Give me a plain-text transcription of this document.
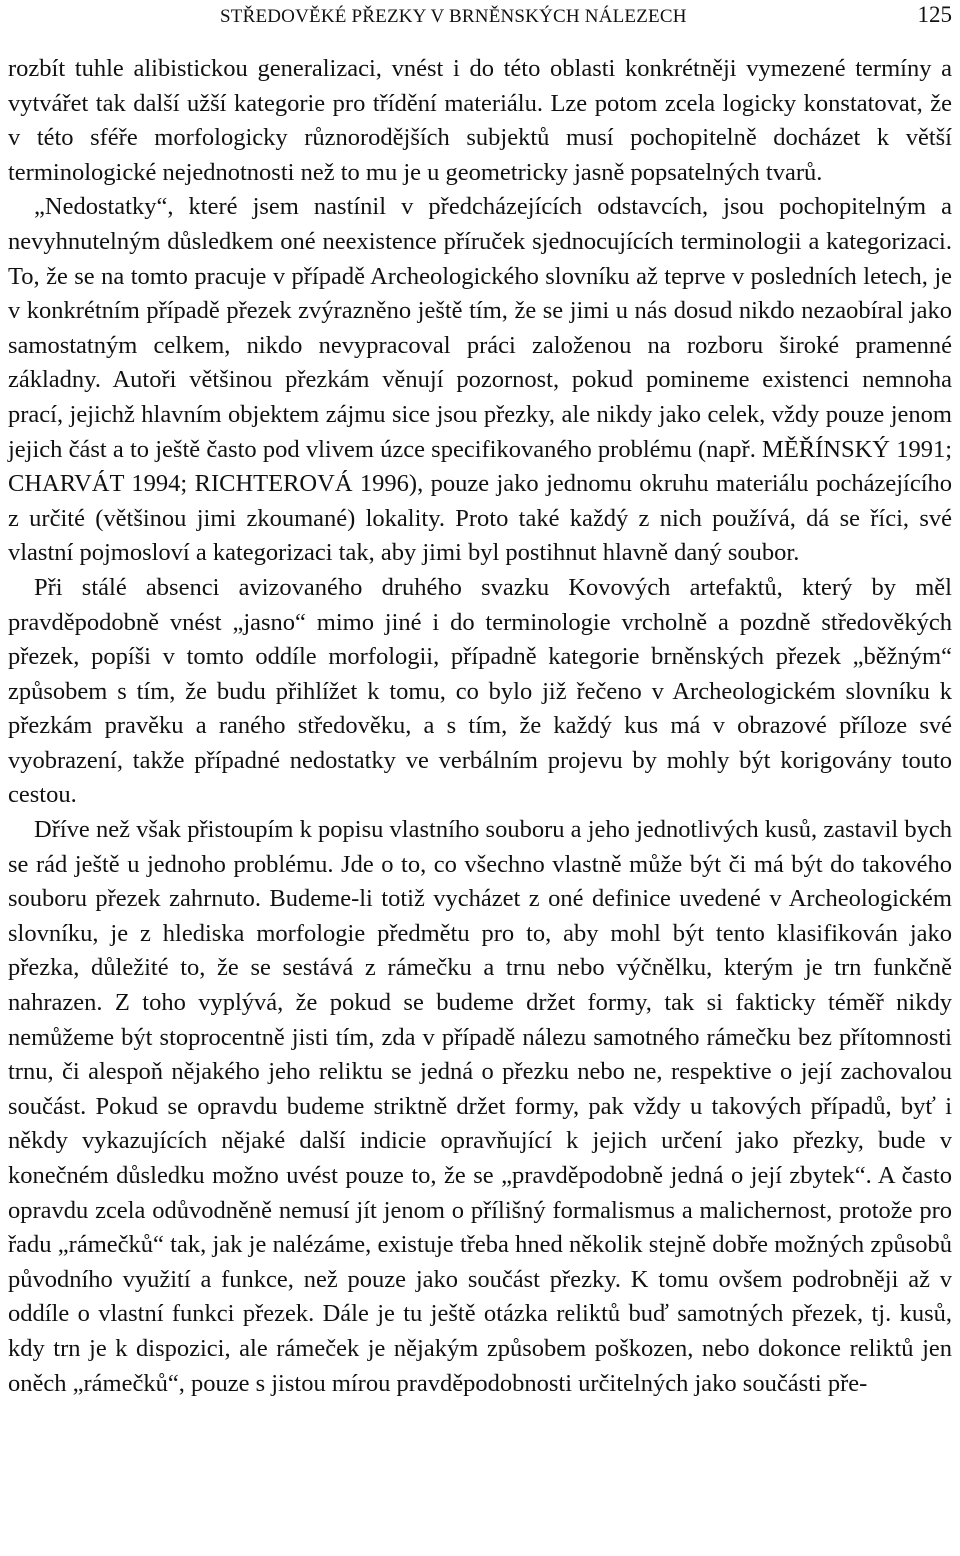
STŘEDOVĚKÉ PŘEZKY V BRNĚNSKÝCH NÁLEZECH	125

rozbít tuhle alibistickou generalizaci, vnést i do této oblasti konkrétněji vymezené termíny a vytvářet tak další užší kategorie pro třídění materiálu. Lze potom zcela logicky konstatovat, že v této sféře morfologicky různorodějších subjektů musí pochopitelně docházet k větší terminologické nejednotnosti než to mu je u geometricky jasně popsatelných tvarů.

„Nedostatky“, které jsem nastínil v předcházejících odstavcích, jsou pochopitelným a nevyhnutelným důsledkem oné neexistence příruček sjednocujících terminologii a kategorizaci. To, že se na tomto pracuje v případě Archeologického slovníku až teprve v posledních letech, je v konkrétním případě přezek zvýrazněno ještě tím, že se jimi u nás dosud nikdo nezaobíral jako samostatným celkem, nikdo nevypracoval práci založenou na rozboru široké pramenné základny. Autoři většinou přezkám věnují pozornost, pokud pomineme existenci nemnoha prací, jejichž hlavním objektem zájmu sice jsou přezky, ale nikdy jako celek, vždy pouze jenom jejich část a to ještě často pod vlivem úzce specifikovaného problému (např. MĚŘÍNSKÝ 1991; CHARVÁT 1994; RICHTEROVÁ 1996), pouze jako jednomu okruhu materiálu pocházejícího z určité (většinou jimi zkoumané) lokality. Proto také každý z nich používá, dá se říci, své vlastní pojmosloví a kategorizaci tak, aby jimi byl postihnut hlavně daný soubor.

Při stálé absenci avizovaného druhého svazku Kovových artefaktů, který by měl pravděpodobně vnést „jasno“ mimo jiné i do terminologie vrcholně a pozdně středověkých přezek, popíši v tomto oddíle morfologii, případně kategorie brněnských přezek „běžným“ způsobem s tím, že budu přihlížet k tomu, co bylo již řečeno v Archeologickém slovníku k přezkám pravěku a raného středověku, a s tím, že každý kus má v obrazové příloze své vyobrazení, takže případné nedostatky ve verbálním projevu by mohly být korigovány touto cestou.

Dříve než však přistoupím k popisu vlastního souboru a jeho jednotlivých kusů, zastavil bych se rád ještě u jednoho problému. Jde o to, co všechno vlastně může být či má být do takového souboru přezek zahrnuto. Budeme-li totiž vycházet z oné definice uvedené v Archeologickém slovníku, je z hlediska morfologie předmětu pro to, aby mohl být tento klasifikován jako přezka, důležité to, že se sestává z rámečku a trnu nebo výčnělku, kterým je trn funkčně nahrazen. Z toho vyplývá, že pokud se budeme držet formy, tak si fakticky téměř nikdy nemůžeme být stoprocentně jisti tím, zda v případě nálezu samotného rámečku bez přítomnosti trnu, či alespoň nějakého jeho reliktu se jedná o přezku nebo ne, respektive o její zachovalou součást. Pokud se opravdu budeme striktně držet formy, pak vždy u takových případů, byť i někdy vykazujících nějaké další indicie opravňující k jejich určení jako přezky, bude v konečném důsledku možno uvést pouze to, že se „pravděpodobně jedná o její zbytek“. A často opravdu zcela odůvodněně nemusí jít jenom o přílišný formalismus a malichernost, protože pro řadu „rámečků“ tak, jak je nalézáme, existuje třeba hned několik stejně dobře možných způsobů původního využití a funkce, než pouze jako součást přezky. K tomu ovšem podrobněji až v oddíle o vlastní funkci přezek. Dále je tu ještě otázka reliktů buď samotných přezek, tj. kusů, kdy trn je k dispozici, ale rámeček je nějakým způsobem poškozen, nebo dokonce reliktů jen oněch „rámečků“, pouze s jistou mírou pravděpodobnosti určitelných jako součásti pře-
